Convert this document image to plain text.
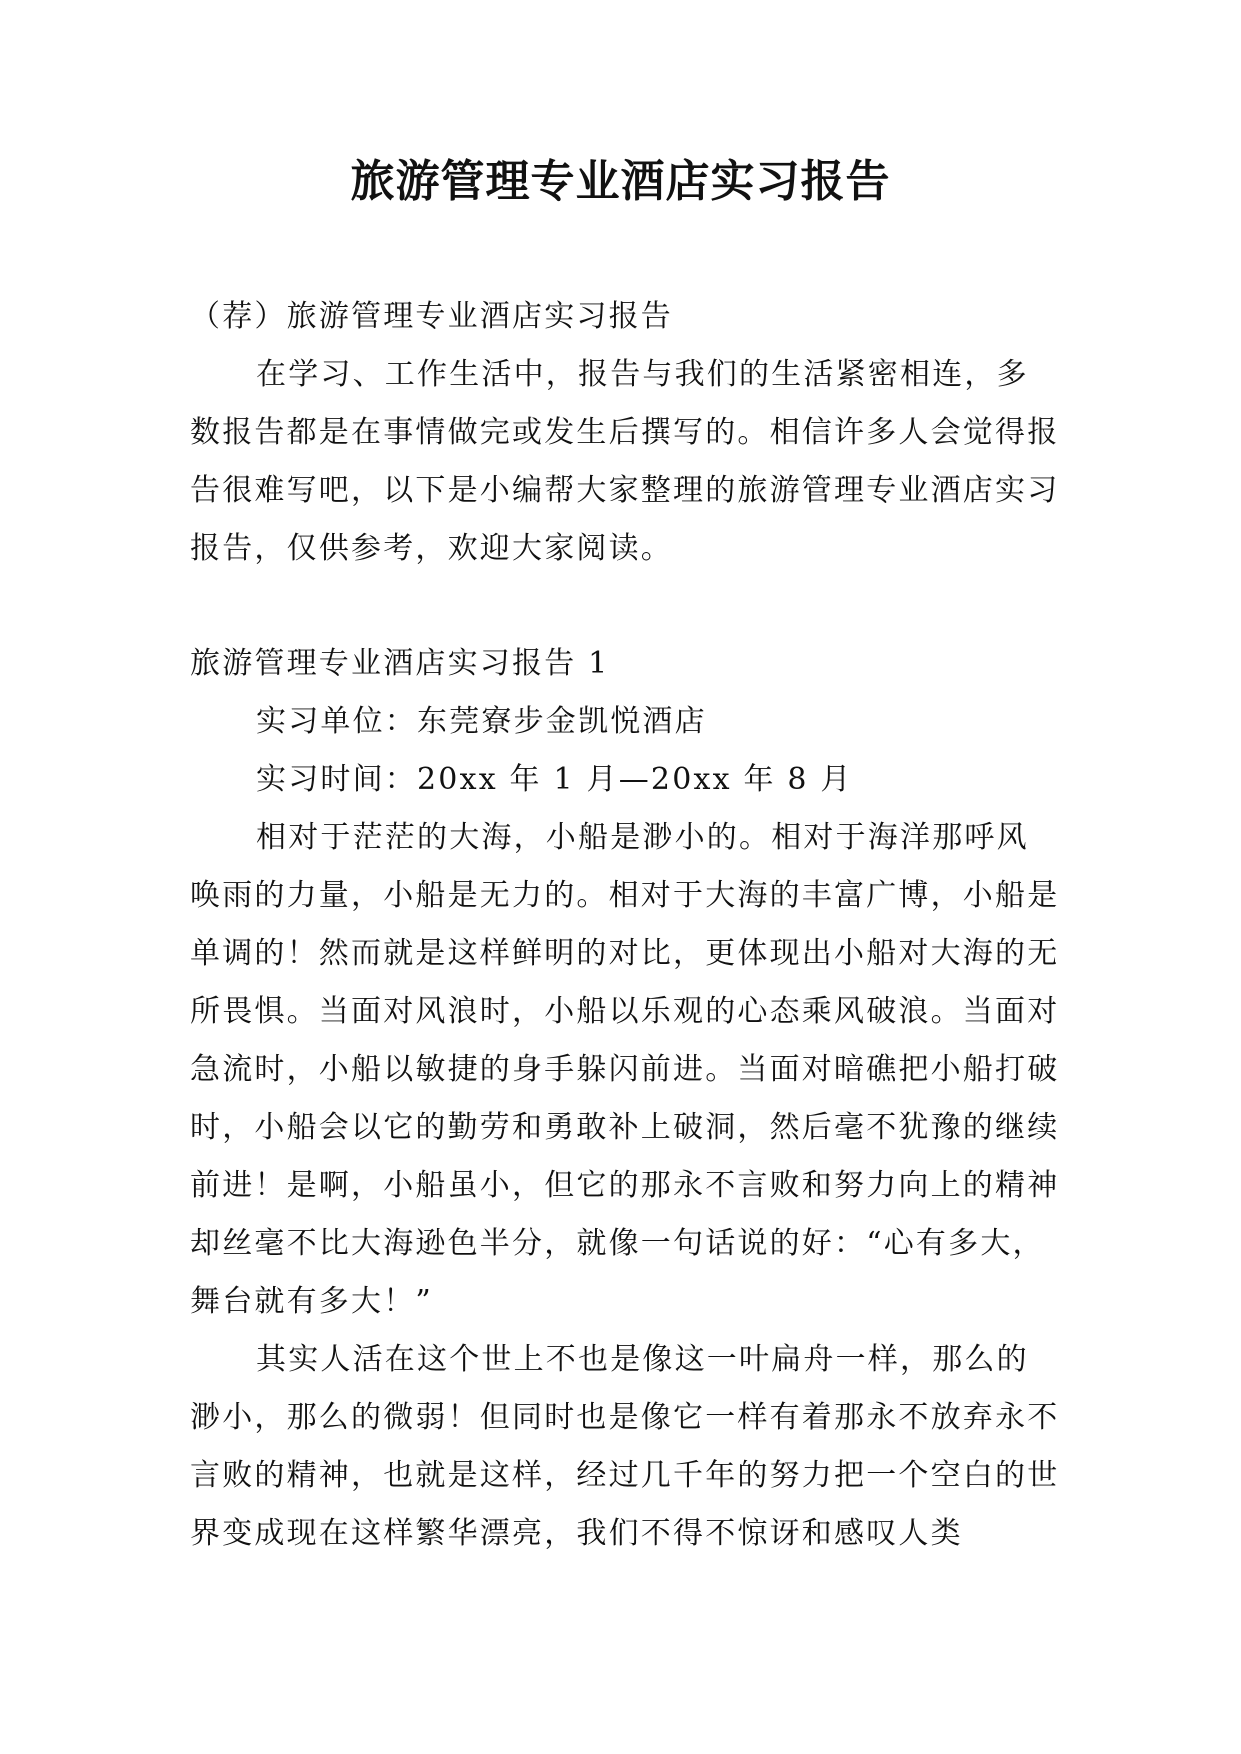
旅游管理专业酒店实习报告

（荐）旅游管理专业酒店实习报告

在学习、工作生活中，报告与我们的生活紧密相连，多数报告都是在事情做完或发生后撰写的。相信许多人会觉得报告很难写吧，以下是小编帮大家整理的旅游管理专业酒店实习报告，仅供参考，欢迎大家阅读。

旅游管理专业酒店实习报告 1

实习单位：东莞寮步金凯悦酒店

实习时间：20xx 年 1 月—20xx 年 8 月

相对于茫茫的大海，小船是渺小的。相对于海洋那呼风唤雨的力量，小船是无力的。相对于大海的丰富广博，小船是单调的！然而就是这样鲜明的对比，更体现出小船对大海的无所畏惧。当面对风浪时，小船以乐观的心态乘风破浪。当面对急流时，小船以敏捷的身手躲闪前进。当面对暗礁把小船打破时，小船会以它的勤劳和勇敢补上破洞，然后毫不犹豫的继续前进！是啊，小船虽小，但它的那永不言败和努力向上的精神却丝毫不比大海逊色半分，就像一句话说的好：“心有多大，舞台就有多大！”

其实人活在这个世上不也是像这一叶扁舟一样，那么的渺小，那么的微弱！但同时也是像它一样有着那永不放弃永不言败的精神，也就是这样，经过几千年的努力把一个空白的世界变成现在这样繁华漂亮，我们不得不惊讶和感叹人类
